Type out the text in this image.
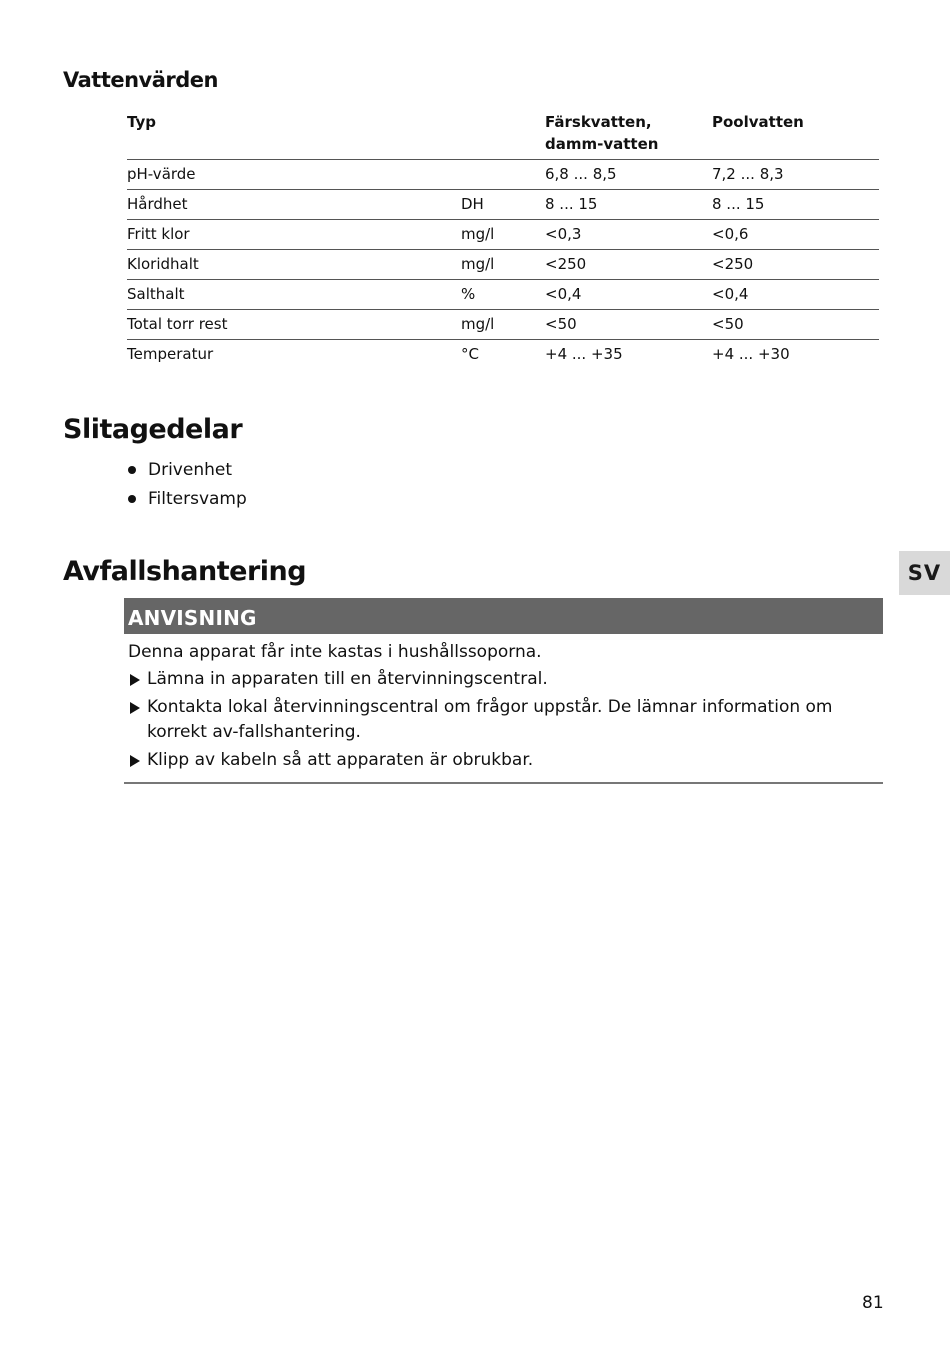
Vattenvärden
Typ		Färskvatten, damm-vatten	Poolvatten
pH-värde		6,8 ... 8,5	7,2 ... 8,3
Hårdhet	DH	8 ... 15	8 ... 15
Fritt klor	mg/l	<0,3	<0,6
Kloridhalt	mg/l	<250	<250
Salthalt	%	<0,4	<0,4
Total torr rest	mg/l	<50	<50
Temperatur	°C	+4 ... +35	+4 ... +30
Slitagedelar
Drivenhet
Filtersvamp
Avfallshantering	SV
ANVISNING

Denna apparat får inte kastas i hushållssoporna.

Lämna in apparaten till en återvinningscentral.
Kontakta lokal återvinningscentral om frågor uppstår. De lämnar information om korrekt av-fallshantering.
Klipp av kabeln så att apparaten är obrukbar.
81
